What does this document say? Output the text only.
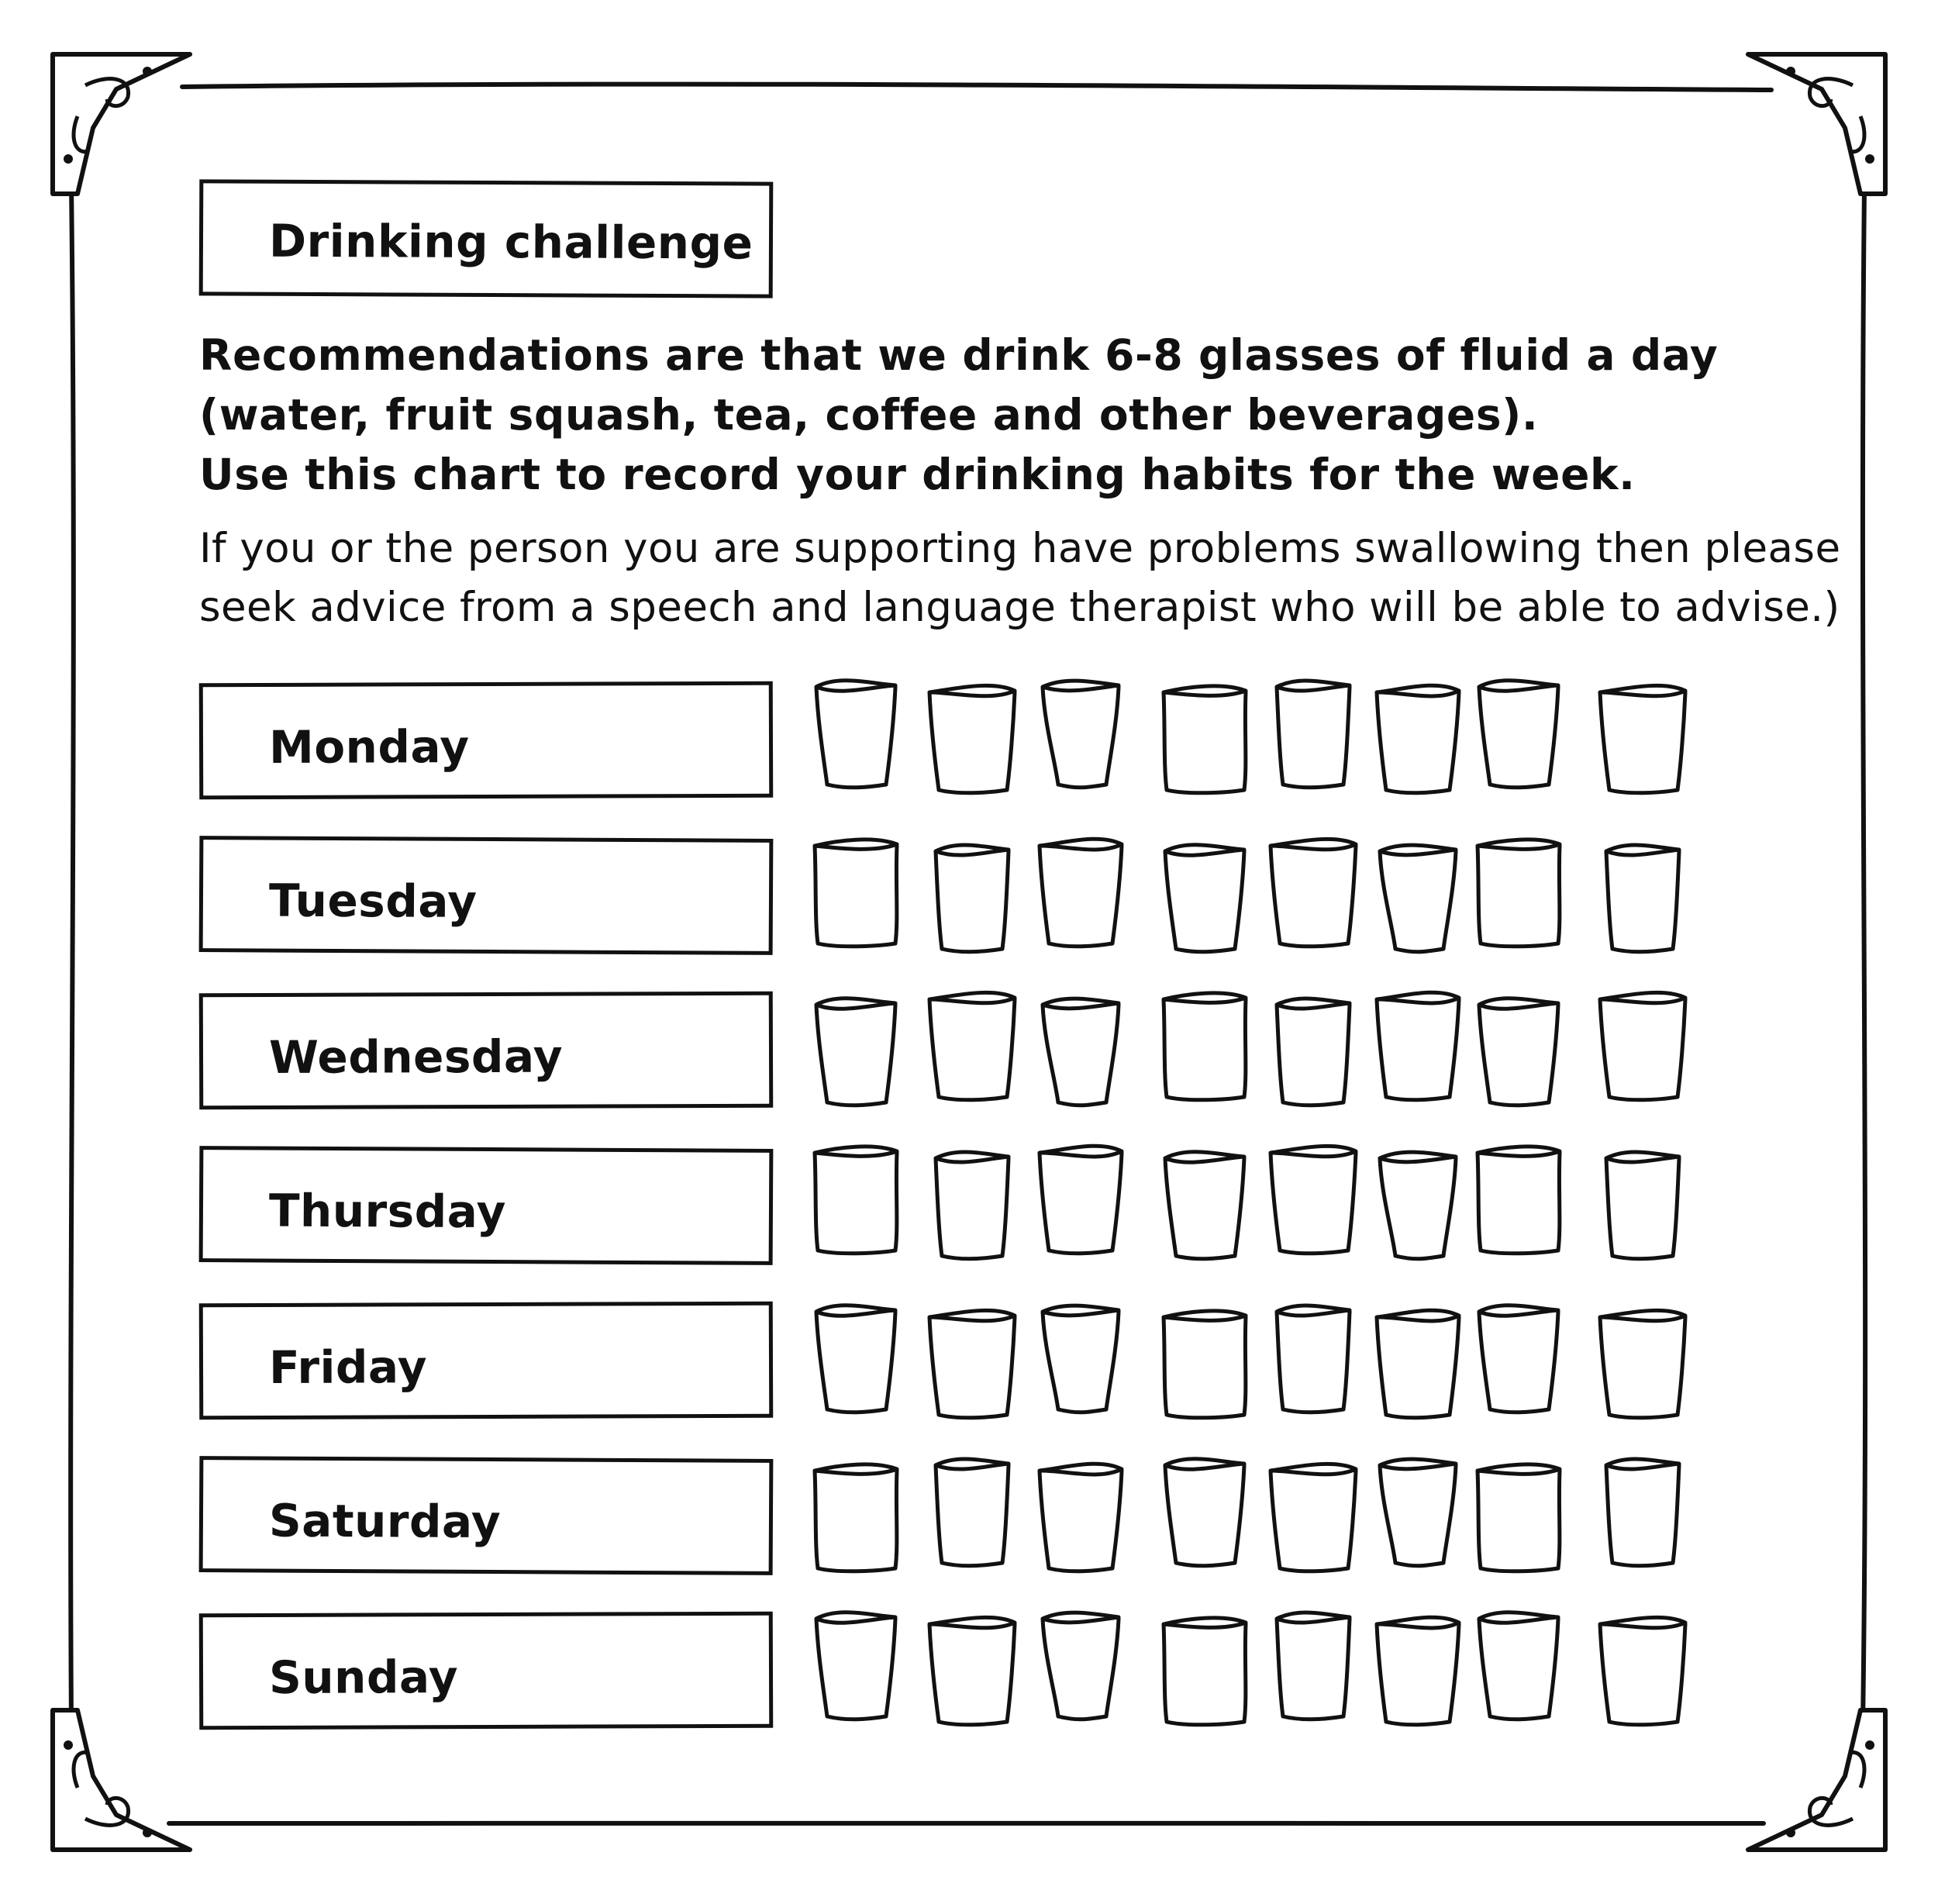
Drinking challenge
Recommendations are that we drink 6-8 glasses of fluid a day
(water, fruit squash, tea, coffee and other beverages).
Use this chart to record your drinking habits for the week.
If you or the person you are supporting have problems swallowing then please
seek advice from a speech and language therapist who will be able to advise.)
Monday
Tuesday
Wednesday
Thursday
Friday
Saturday
Sunday
